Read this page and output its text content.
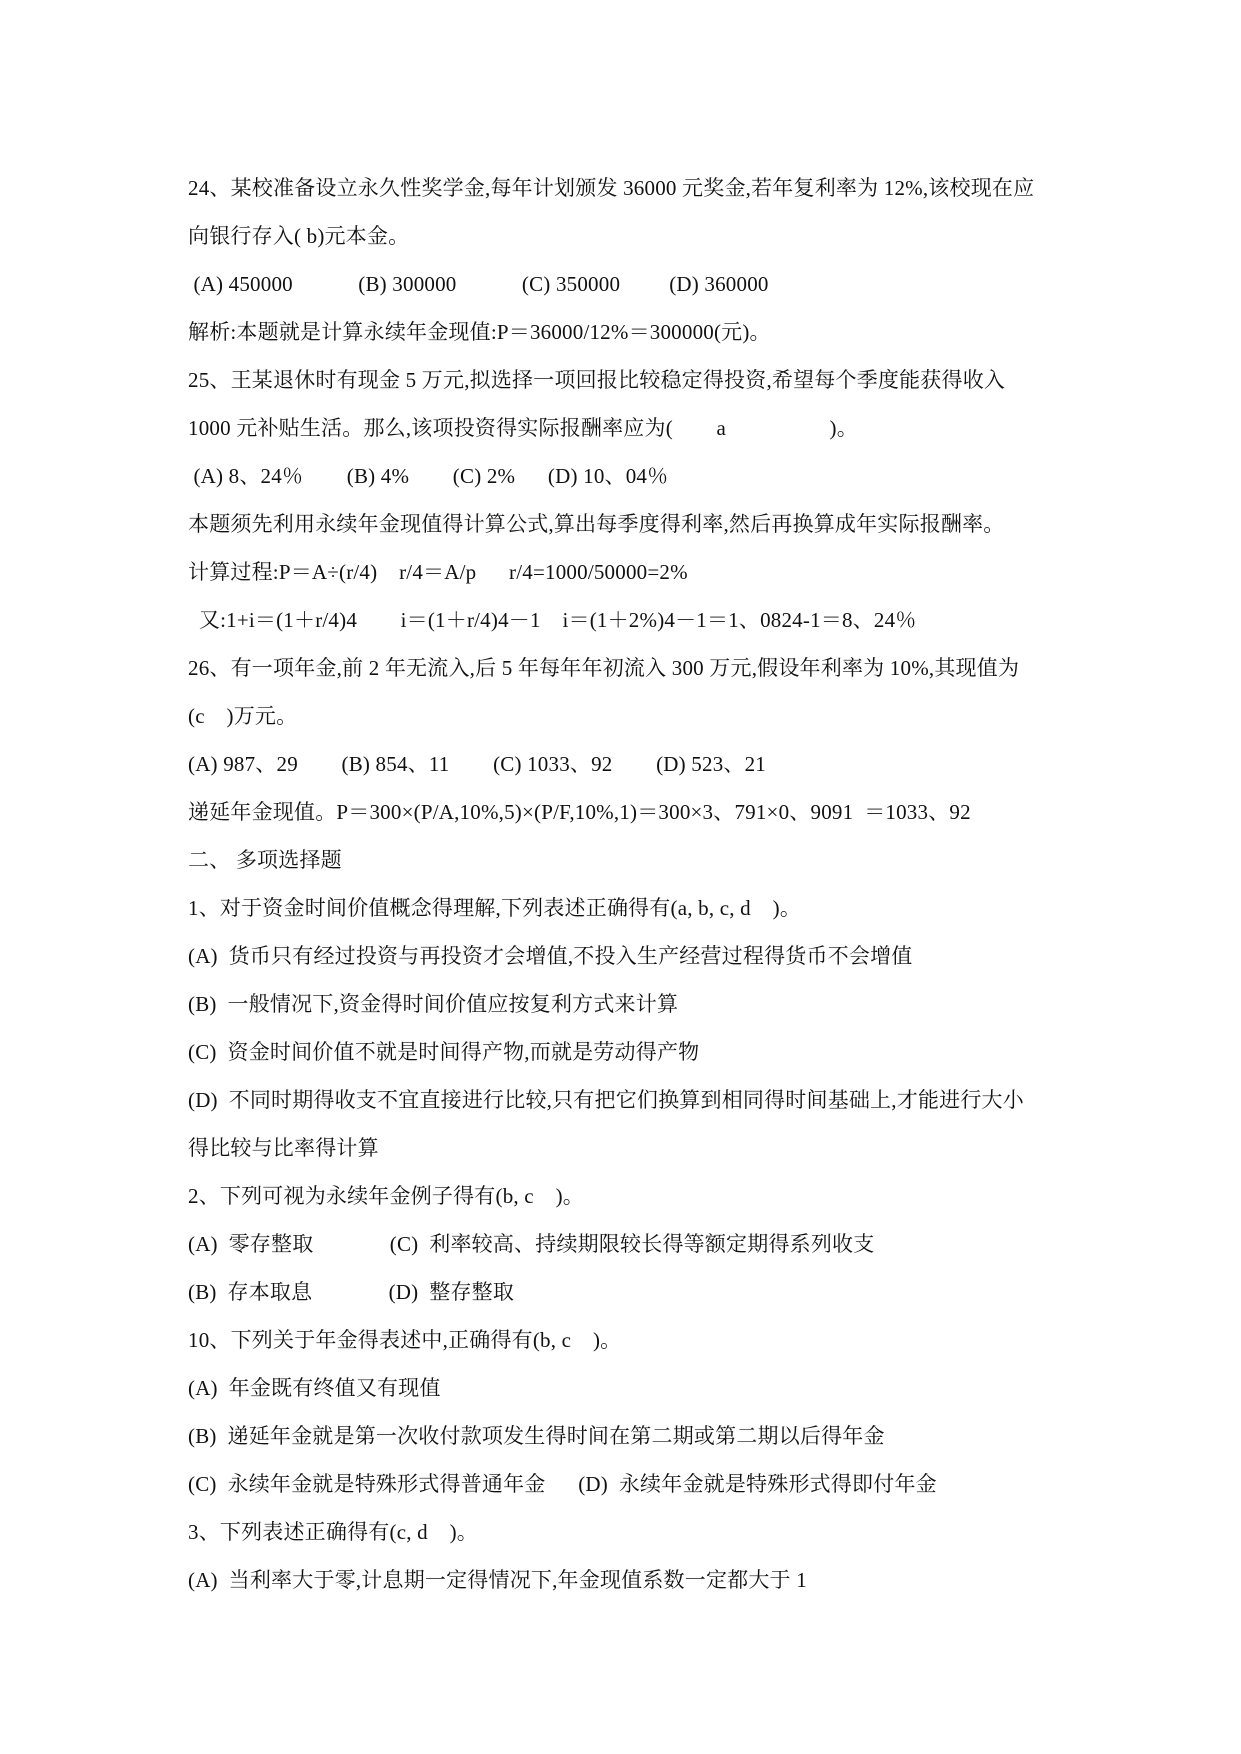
24、某校准备设立永久性奖学金,每年计划颁发 36000 元奖金,若年复利率为 12%,该校现在应
向银行存入( b)元本金。
(A) 450000            (B) 300000            (C) 350000         (D) 360000
解析:本题就是计算永续年金现值:P＝36000/12%＝300000(元)。
25、王某退休时有现金 5 万元,拟选择一项回报比较稳定得投资,希望每个季度能获得收入
1000 元补贴生活。那么,该项投资得实际报酬率应为(        a                   )。
(A) 8、24％        (B) 4%        (C) 2%      (D) 10、04％
本题须先利用永续年金现值得计算公式,算出每季度得利率,然后再换算成年实际报酬率。
计算过程:P＝A÷(r/4)    r/4＝A/p      r/4=1000/50000=2%
又:1+i＝(1＋r/4)4        i＝(1＋r/4)4－1    i＝(1＋2%)4－1＝1、0824-1＝8、24％
26、有一项年金,前 2 年无流入,后 5 年每年年初流入 300 万元,假设年利率为 10%,其现值为
(c    )万元。
(A) 987、29        (B) 854、11        (C) 1033、92        (D) 523、21
递延年金现值。P＝300×(P/A,10%,5)×(P/F,10%,1)＝300×3、791×0、9091  ＝1033、92
二、 多项选择题
1、对于资金时间价值概念得理解,下列表述正确得有(a, b, c, d    )。
(A)  货币只有经过投资与再投资才会增值,不投入生产经营过程得货币不会增值
(B)  一般情况下,资金得时间价值应按复利方式来计算
(C)  资金时间价值不就是时间得产物,而就是劳动得产物
(D)  不同时期得收支不宜直接进行比较,只有把它们换算到相同得时间基础上,才能进行大小
得比较与比率得计算
2、下列可视为永续年金例子得有(b, c    )。
(A)  零存整取              (C)  利率较高、持续期限较长得等额定期得系列收支
(B)  存本取息              (D)  整存整取
10、下列关于年金得表述中,正确得有(b, c    )。
(A)  年金既有终值又有现值
(B)  递延年金就是第一次收付款项发生得时间在第二期或第二期以后得年金
(C)  永续年金就是特殊形式得普通年金      (D)  永续年金就是特殊形式得即付年金
3、下列表述正确得有(c, d    )。
(A)  当利率大于零,计息期一定得情况下,年金现值系数一定都大于 1
